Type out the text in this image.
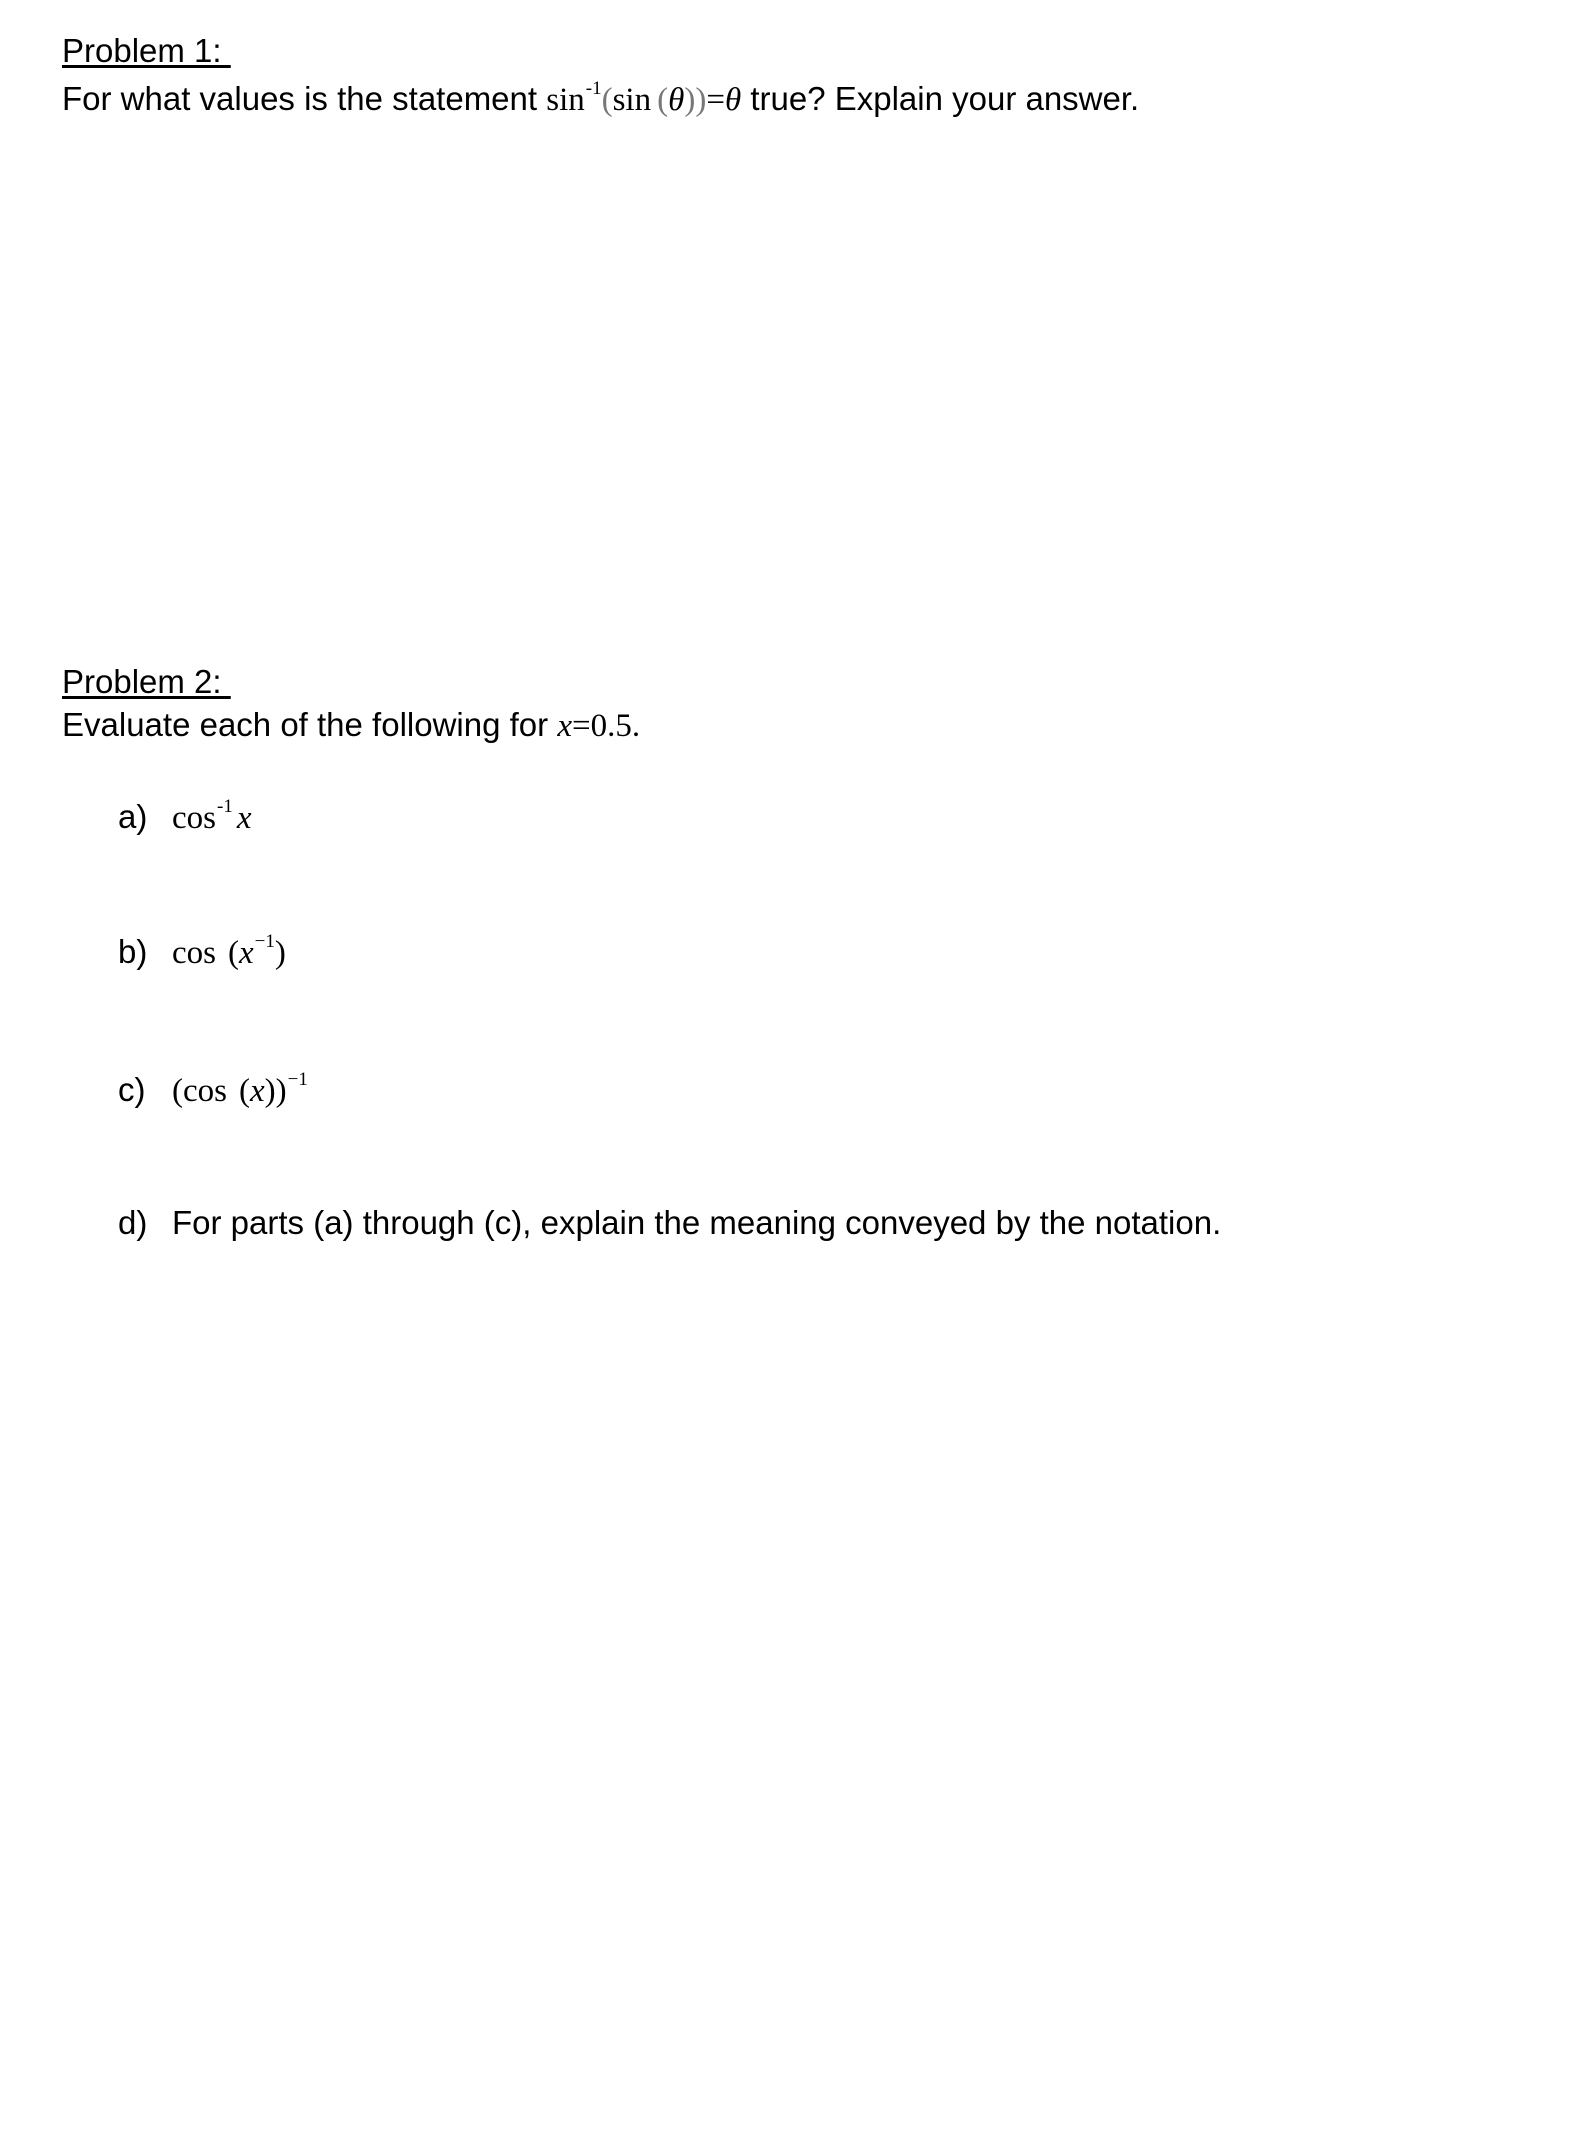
Problem 1:
For what values is the statement $\sin^{-1}(\sin$ (θ))=θ true? Explain your answer.
Problem 2:
Evaluate each of the following for x=0.5.
a) $\cos^{-1} x$
b) $\cos (x^{-1})$
c) (cos (x))$^{-1}$
d) For parts (a) through (c), explain the meaning conveyed by the notation.
